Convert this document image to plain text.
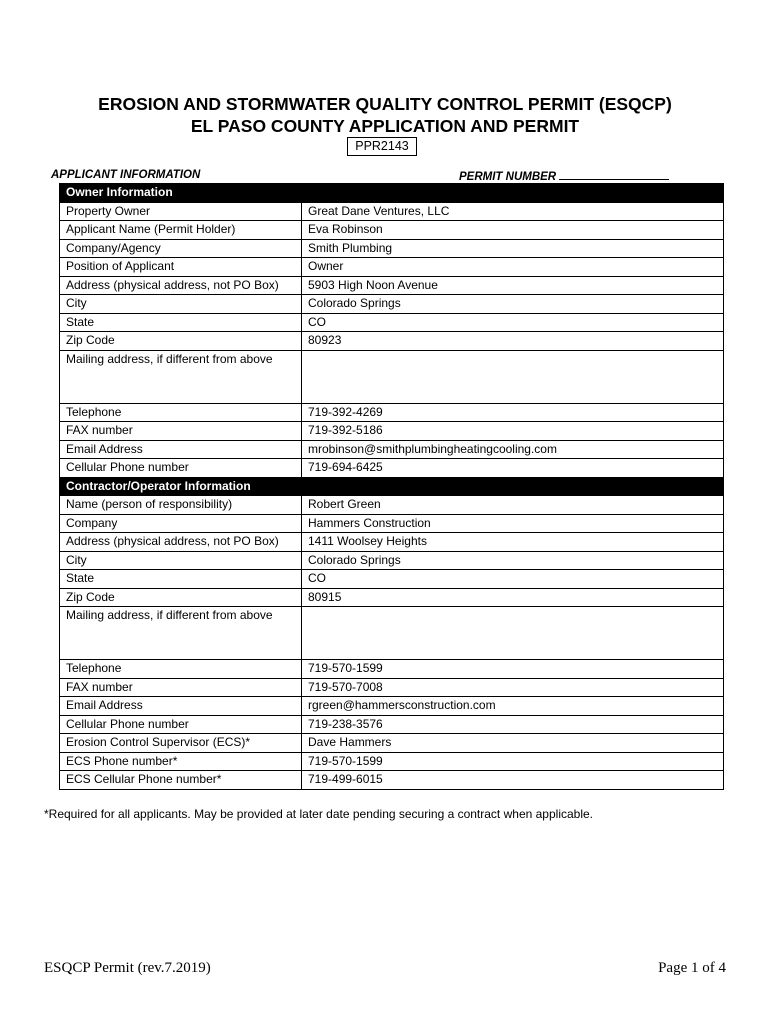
EROSION AND STORMWATER QUALITY CONTROL PERMIT (ESQCP)
EL PASO COUNTY APPLICATION AND PERMIT
PPR2143
APPLICANT INFORMATION	PERMIT NUMBER
Owner Information	
Property Owner	Great Dane Ventures, LLC
Applicant Name (Permit Holder)	Eva Robinson
Company/Agency	Smith Plumbing
Position of Applicant	Owner
Address (physical address, not PO Box)	5903 High Noon Avenue
City	Colorado Springs
State	CO
Zip Code	80923
Mailing address, if different from above	
Telephone	719-392-4269
FAX number	719-392-5186
Email Address	mrobinson@smithplumbingheatingcooling.com
Cellular Phone number	719-694-6425
Contractor/Operator Information	
Name (person of responsibility)	Robert Green
Company	Hammers Construction
Address (physical address, not PO Box)	1411 Woolsey Heights
City	Colorado Springs
State	CO
Zip Code	80915
Mailing address, if different from above	
Telephone	719-570-1599
FAX number	719-570-7008
Email Address	rgreen@hammersconstruction.com
Cellular Phone number	719-238-3576
Erosion Control Supervisor (ECS)*	Dave Hammers
ECS Phone number*	719-570-1599
ECS Cellular Phone number*	719-499-6015
*Required for all applicants. May be provided at later date pending securing a contract when applicable.
ESQCP Permit (rev.7.2019)	Page 1 of 4
